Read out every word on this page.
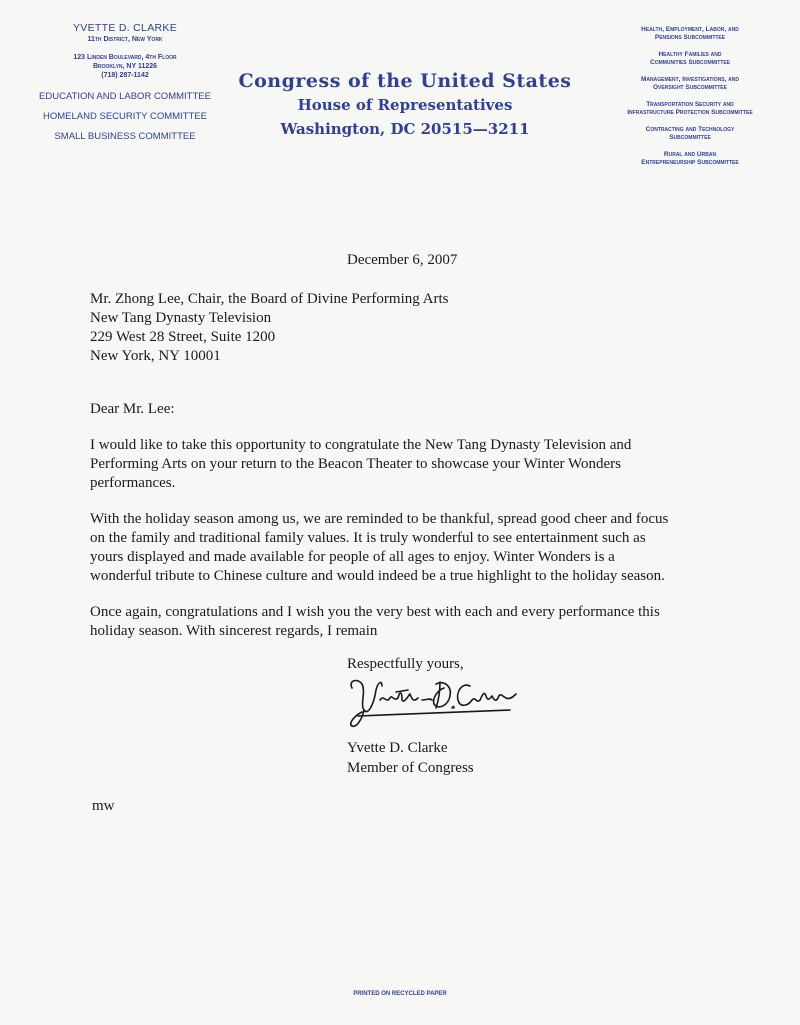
YVETTE D. CLARKE
11th District, New York
123 Linden Boulevard, 4th Floor
Brooklyn, NY 11226
(718) 287-1142
EDUCATION AND LABOR COMMITTEE
HOMELAND SECURITY COMMITTEE
SMALL BUSINESS COMMITTEE
Congress of the United States
House of Representatives
Washington, DC 20515—3211
Health, Employment, Labor, and
Pensions Subcommittee
Healthy Families and
Communities Subcommittee
Management, Investigations, and
Oversight Subcommittee
Transportation Security and
Infrastructure Protection Subcommittee
Contracting and Technology
Subcommittee
Rural and Urban
Entrepreneurship Subcommittee
December 6, 2007
Mr. Zhong Lee, Chair, the Board of Divine Performing Arts
New Tang Dynasty Television
229 West 28 Street, Suite 1200
New York, NY 10001
Dear Mr. Lee:
I would like to take this opportunity to congratulate the New Tang Dynasty Television and
Performing Arts on your return to the Beacon Theater to showcase your Winter Wonders
performances.
With the holiday season among us, we are reminded to be thankful, spread good cheer and focus
on the family and traditional family values. It is truly wonderful to see entertainment such as
yours displayed and made available for people of all ages to enjoy. Winter Wonders is a
wonderful tribute to Chinese culture and would indeed be a true highlight to the holiday season.
Once again, congratulations and I wish you the very best with each and every performance this
holiday season. With sincerest regards, I remain
Respectfully yours,
Yvette D. Clarke
Member of Congress
mw
PRINTED ON RECYCLED PAPER
